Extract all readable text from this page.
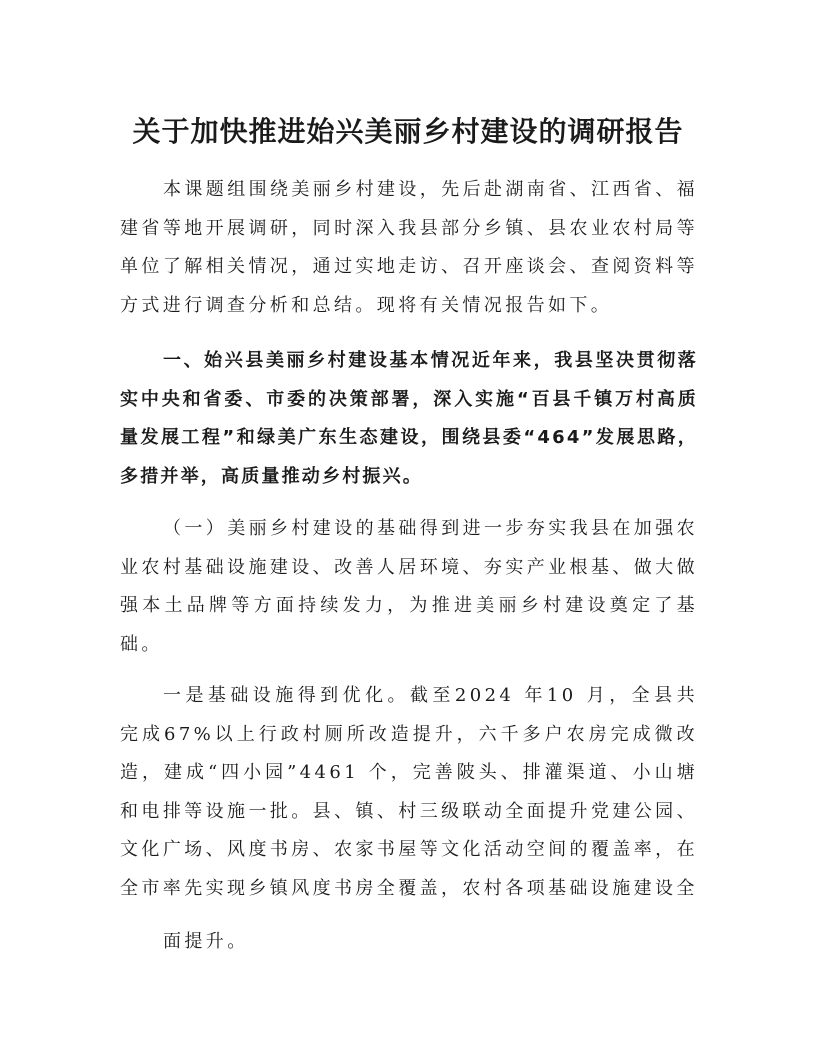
关于加快推进始兴美丽乡村建设的调研报告

本课题组围绕美丽乡村建设，先后赴湖南省、江西省、福建省等地开展调研，同时深入我县部分乡镇、县农业农村局等单位了解相关情况，通过实地走访、召开座谈会、查阅资料等方式进行调查分析和总结。现将有关情况报告如下。

一、始兴县美丽乡村建设基本情况近年来，我县坚决贯彻落实中央和省委、市委的决策部署，深入实施“百县千镇万村高质量发展工程”和绿美广东生态建设，围绕县委“464”发展思路，多措并举，高质量推动乡村振兴。

（一）美丽乡村建设的基础得到进一步夯实我县在加强农业农村基础设施建设、改善人居环境、夯实产业根基、做大做强本土品牌等方面持续发力，为推进美丽乡村建设奠定了基础。

一是基础设施得到优化。截至2024 年10 月，全县共完成67%以上行政村厕所改造提升，六千多户农房完成微改造，建成“四小园”4461 个，完善陂头、排灌渠道、小山塘和电排等设施一批。县、镇、村三级联动全面提升党建公园、文化广场、风度书房、农家书屋等文化活动空间的覆盖率，在全市率先实现乡镇风度书房全覆盖，农村各项基础设施建设全

面提升。
